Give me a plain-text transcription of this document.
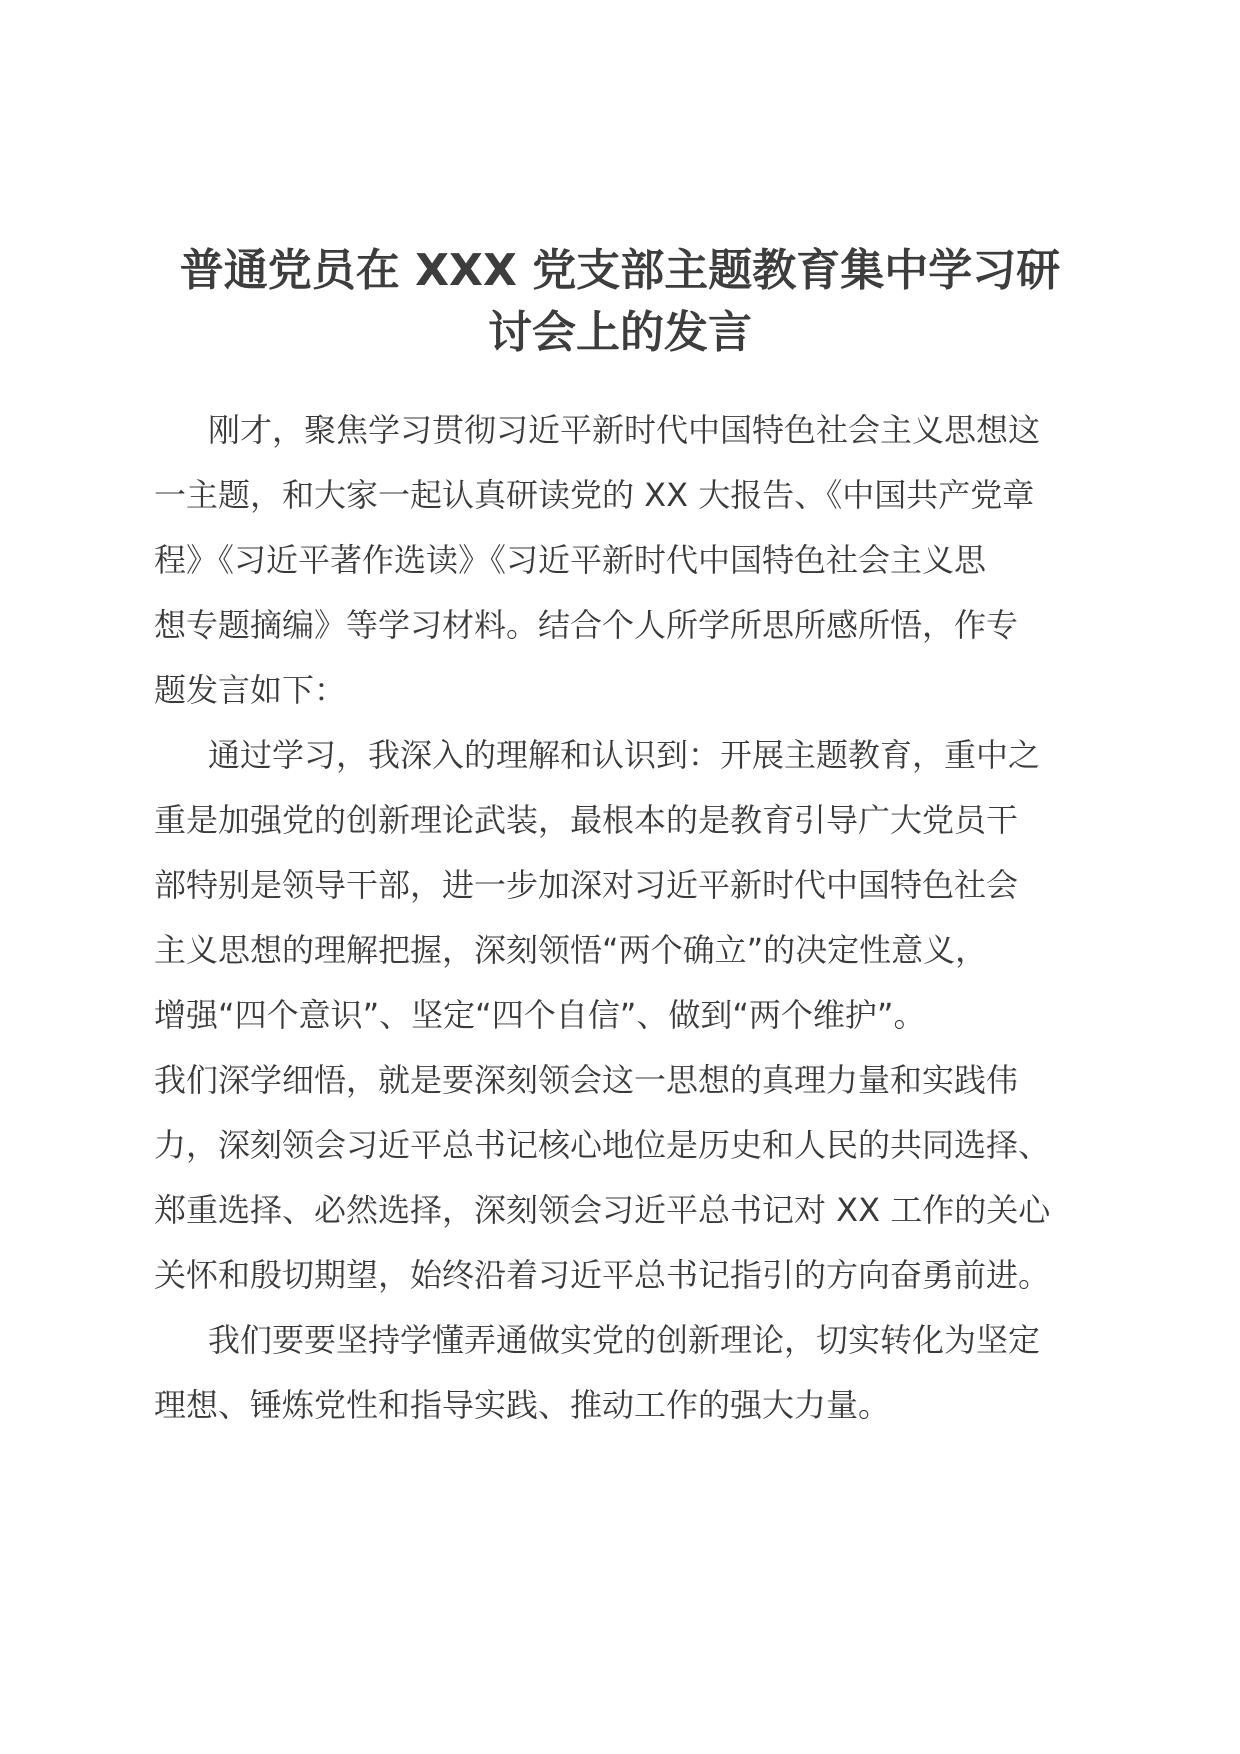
普通党员在 XXX 党支部主题教育集中学习研
讨会上的发言

刚才，聚焦学习贯彻习近平新时代中国特色社会主义思想这
一主题，和大家一起认真研读党的 XX 大报告、《中国共产党章
程》《习近平著作选读》《习近平新时代中国特色社会主义思
想专题摘编》等学习材料。结合个人所学所思所感所悟，作专
题发言如下：

通过学习，我深入的理解和认识到：开展主题教育，重中之
重是加强党的创新理论武装，最根本的是教育引导广大党员干
部特别是领导干部，进一步加深对习近平新时代中国特色社会
主义思想的理解把握，深刻领悟“两个确立”的决定性意义，
增强“四个意识”、坚定“四个自信”、做到“两个维护”。
我们深学细悟，就是要深刻领会这一思想的真理力量和实践伟
力，深刻领会习近平总书记核心地位是历史和人民的共同选择、
郑重选择、必然选择，深刻领会习近平总书记对 XX 工作的关心
关怀和殷切期望，始终沿着习近平总书记指引的方向奋勇前进。

我们要要坚持学懂弄通做实党的创新理论，切实转化为坚定
理想、锤炼党性和指导实践、推动工作的强大力量。
